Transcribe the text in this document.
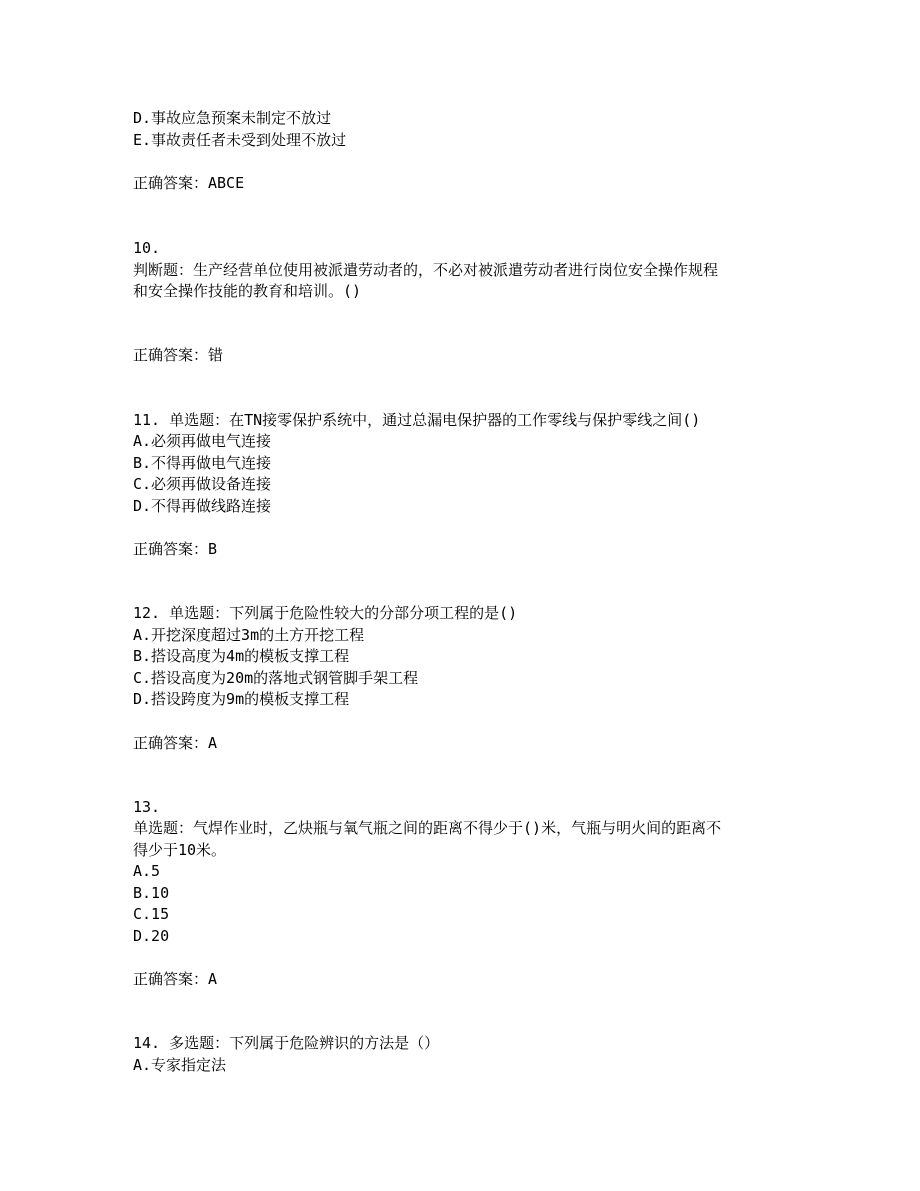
D.事故应急预案未制定不放过
E.事故责任者未受到处理不放过
正确答案：ABCE
10.
判断题：生产经营单位使用被派遣劳动者的，不必对被派遣劳动者进行岗位安全操作规程
和安全操作技能的教育和培训。()
正确答案：错
11. 单选题：在TN接零保护系统中，通过总漏电保护器的工作零线与保护零线之间()
A.必须再做电气连接
B.不得再做电气连接
C.必须再做设备连接
D.不得再做线路连接
正确答案：B
12. 单选题：下列属于危险性较大的分部分项工程的是()
A.开挖深度超过3m的土方开挖工程
B.搭设高度为4m的模板支撑工程
C.搭设高度为20m的落地式钢管脚手架工程
D.搭设跨度为9m的模板支撑工程
正确答案：A
13.
单选题：气焊作业时，乙炔瓶与氧气瓶之间的距离不得少于()米，气瓶与明火间的距离不
得少于10米。
A.5
B.10
C.15
D.20
正确答案：A
14. 多选题：下列属于危险辨识的方法是（）
A.专家指定法
